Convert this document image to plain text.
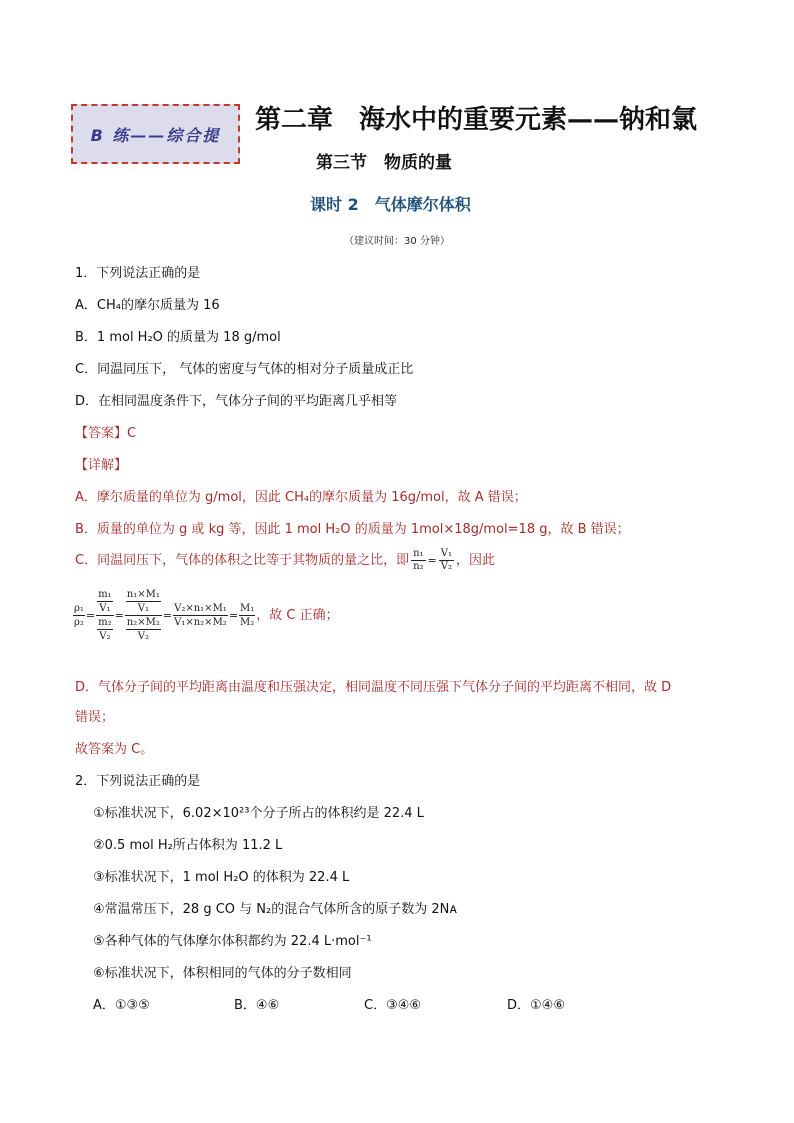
B 练——综合提	第二章　海水中的重要元素——钠和氯
第三节　物质的量
课时 2　气体摩尔体积
（建议时间：30 分钟）
1．下列说法正确的是
A．CH₄的摩尔质量为 16
B．1 mol H₂O 的质量为 18 g/mol
C．同温同压下， 气体的密度与气体的相对分子质量成正比
D．在相同温度条件下，气体分子间的平均距离几乎相等
【答案】C
【详解】
A．摩尔质量的单位为 g/mol，因此 CH₄的摩尔质量为 16g/mol，故 A 错误；
B．质量的单位为 g 或 kg 等，因此 1 mol H₂O 的质量为 1mol×18g/mol=18 g，故 B 错误；
C．同温同压下，气体的体积之比等于其物质的量之比，即 $\frac{\text{n₁}}{\text{n₂}} = \frac{\text{V₁}}{\text{V₂}}$ ，因此
$\frac{\text{ρ₁}}{\text{ρ₂}} = \frac{\frac{\text{m₁}}{\text{V₁}}}{\frac{\text{m₂}}{\text{V₂}}} = \frac{\frac{\text{n₁×M₁}}{\text{V₁}}}{\frac{\text{n₂×M₂}}{\text{V₂}}} = \frac{\text{V₂×n₁×M₁}}{\text{V₁×n₂×M₂}} = \frac{\text{M₁}}{\text{M₂}}$ ，故 C 正确；
D．气体分子间的平均距离由温度和压强决定，相同温度不同压强下气体分子间的平均距离不相同，故 D
错误；
故答案为 C。
2．下列说法正确的是
①标准状况下，6.02×10²³个分子所占的体积约是 22.4 L
②0.5 mol H₂所占体积为 11.2 L
③标准状况下，1 mol H₂O 的体积为 22.4 L
④常温常压下，28 g CO 与 N₂的混合气体所含的原子数为 2Nᴀ
⑤各种气体的气体摩尔体积都约为 22.4 L·mol⁻¹
⑥标准状况下，体积相同的气体的分子数相同
A．①③⑤	B．④⑥	C．③④⑥	D．①④⑥
